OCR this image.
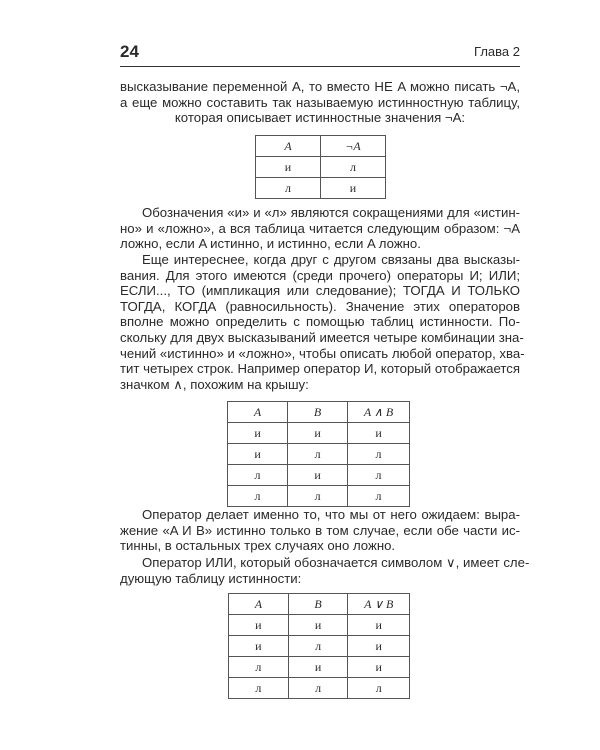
24	Глава 2
высказывание переменной A, то вместо НЕ A можно писать ¬A,
а еще можно составить так называемую истинностную таблицу,
которая описывает истинностные значения ¬A:
A	¬A
и	л
л	и
Обозначения «и» и «л» являются сокращениями для «истин-
но» и «ложно», а вся таблица читается следующим образом: ¬A
ложно, если A истинно, и истинно, если A ложно.
Еще интереснее, когда друг с другом связаны два высказы-
вания. Для этого имеются (среди прочего) операторы И; ИЛИ;
ЕСЛИ..., ТО (импликация или следование); ТОГДА И ТОЛЬКО
ТОГДА, КОГДА (равносильность). Значение этих операторов
вполне можно определить с помощью таблиц истинности. По-
скольку для двух высказываний имеется четыре комбинации зна-
чений «истинно» и «ложно», чтобы описать любой оператор, хва-
тит четырех строк. Например оператор И, который отображается
значком ∧, похожим на крышу:
A	B	A ∧ B
и	и	и
и	л	л
л	и	л
л	л	л
Оператор делает именно то, что мы от него ожидаем: выра-
жение «A И B» истинно только в том случае, если обе части ис-
тинны, в остальных трех случаях оно ложно.
Оператор ИЛИ, который обозначается символом ∨, имеет сле-
дующую таблицу истинности:
A	B	A ∨ B
и	и	и
и	л	и
л	и	и
л	л	л
